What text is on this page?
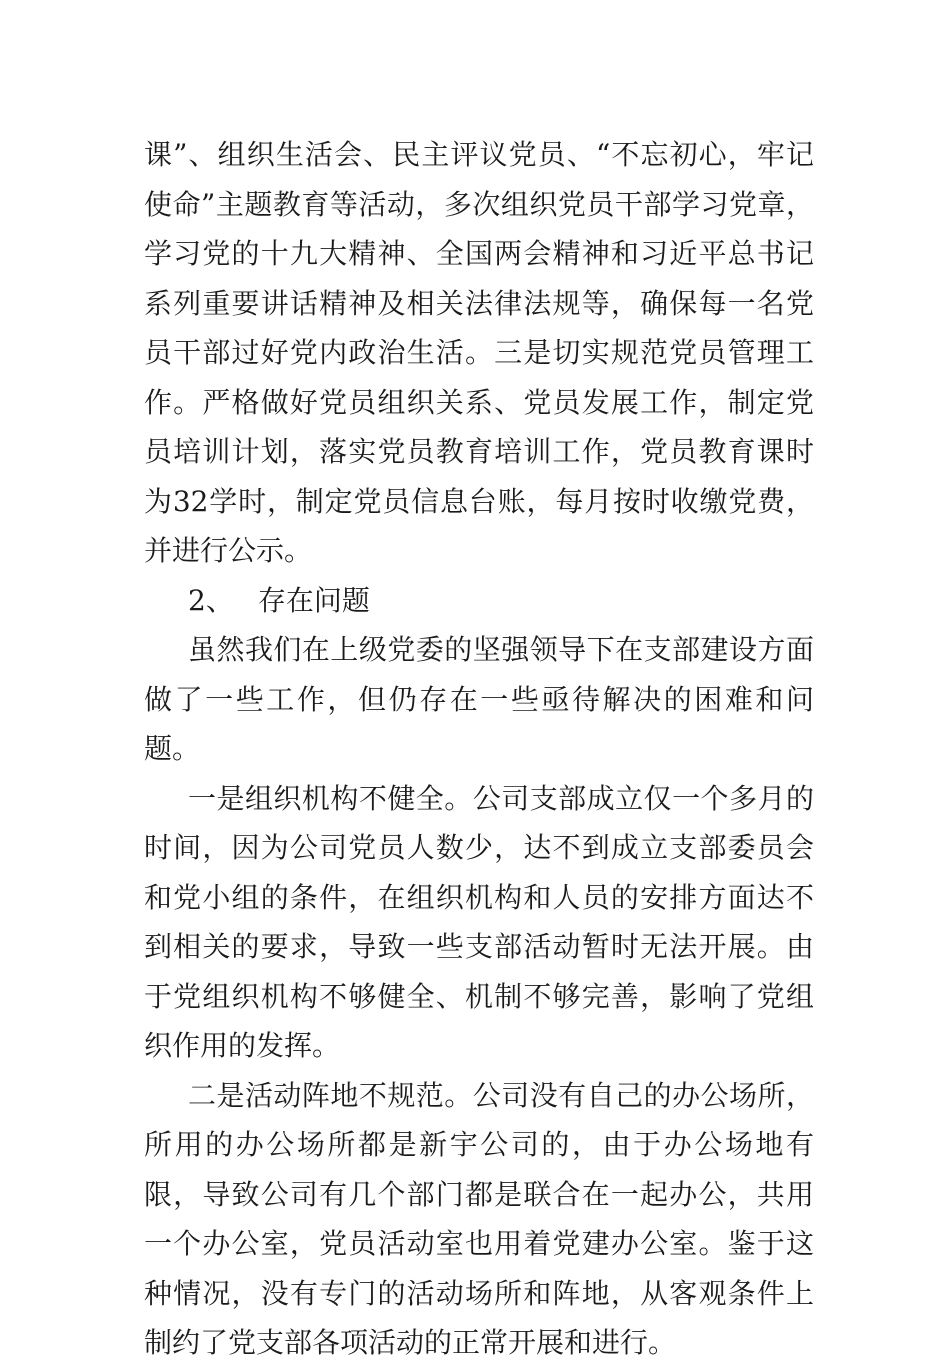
课”、组织生活会、民主评议党员、“不忘初心，牢记使命”主题教育等活动，多次组织党员干部学习党章，学习党的十九大精神、全国两会精神和习近平总书记系列重要讲话精神及相关法律法规等，确保每一名党员干部过好党内政治生活。三是切实规范党员管理工作。严格做好党员组织关系、党员发展工作，制定党员培训计划，落实党员教育培训工作，党员教育课时为32学时，制定党员信息台账，每月按时收缴党费，并进行公示。

2、 存在问题

虽然我们在上级党委的坚强领导下在支部建设方面做了一些工作，但仍存在一些亟待解决的困难和问题。

一是组织机构不健全。公司支部成立仅一个多月的时间，因为公司党员人数少，达不到成立支部委员会和党小组的条件，在组织机构和人员的安排方面达不到相关的要求，导致一些支部活动暂时无法开展。由于党组织机构不够健全、机制不够完善，影响了党组织作用的发挥。

二是活动阵地不规范。公司没有自己的办公场所，所用的办公场所都是新宇公司的，由于办公场地有限，导致公司有几个部门都是联合在一起办公，共用一个办公室，党员活动室也用着党建办公室。鉴于这种情况，没有专门的活动场所和阵地，从客观条件上制约了党支部各项活动的正常开展和进行。
